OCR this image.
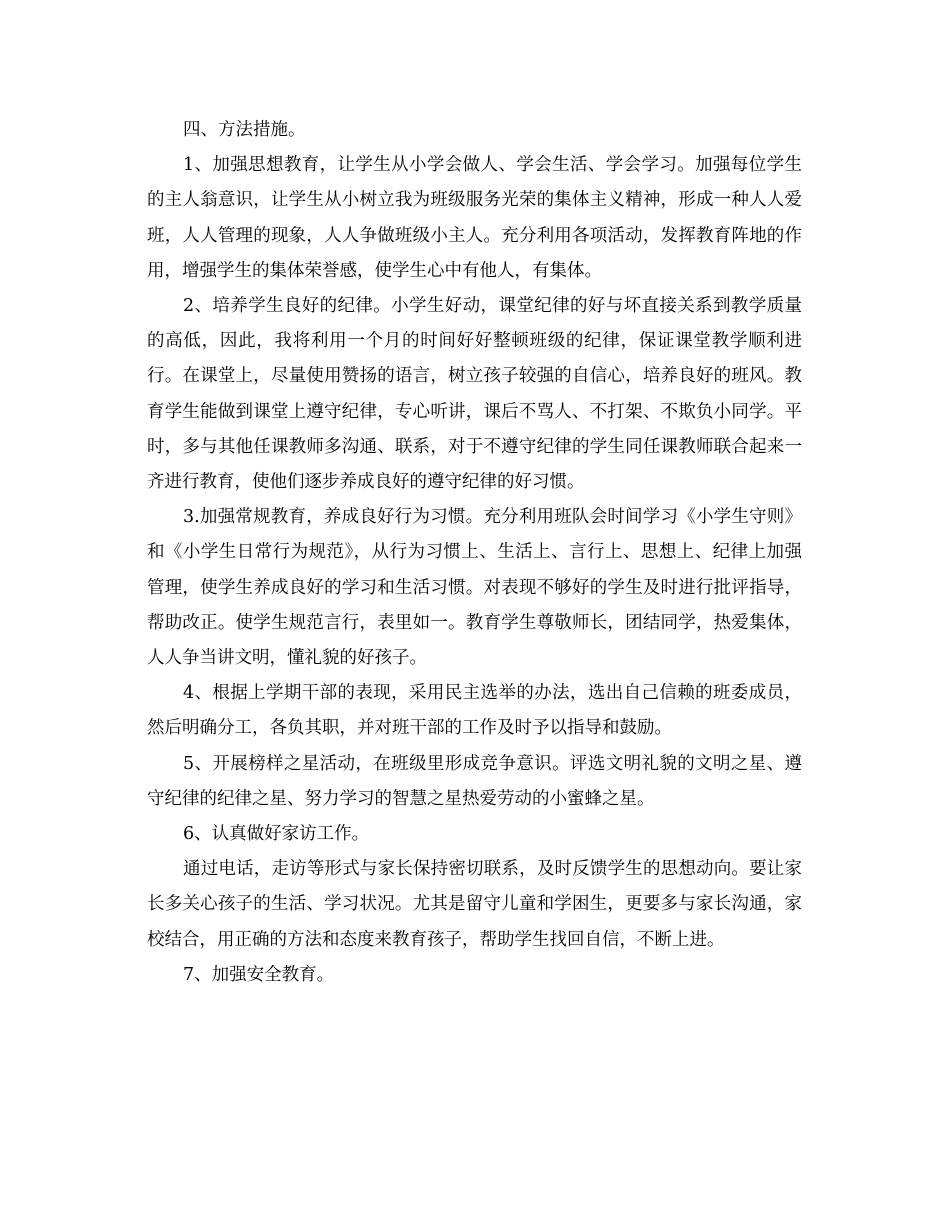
四、方法措施。

1、加强思想教育，让学生从小学会做人、学会生活、学会学习。加强每位学生的主人翁意识，让学生从小树立我为班级服务光荣的集体主义精神，形成一种人人爱班，人人管理的现象，人人争做班级小主人。充分利用各项活动，发挥教育阵地的作用，增强学生的集体荣誉感，使学生心中有他人，有集体。

2、培养学生良好的纪律。小学生好动，课堂纪律的好与坏直接关系到教学质量的高低，因此，我将利用一个月的时间好好整顿班级的纪律，保证课堂教学顺利进行。在课堂上，尽量使用赞扬的语言，树立孩子较强的自信心，培养良好的班风。教育学生能做到课堂上遵守纪律，专心听讲，课后不骂人、不打架、不欺负小同学。平时，多与其他任课教师多沟通、联系，对于不遵守纪律的学生同任课教师联合起来一齐进行教育，使他们逐步养成良好的遵守纪律的好习惯。

3.加强常规教育，养成良好行为习惯。充分利用班队会时间学习《小学生守则》和《小学生日常行为规范》，从行为习惯上、生活上、言行上、思想上、纪律上加强管理，使学生养成良好的学习和生活习惯。对表现不够好的学生及时进行批评指导，帮助改正。使学生规范言行，表里如一。教育学生尊敬师长，团结同学，热爱集体，人人争当讲文明，懂礼貌的好孩子。

4、根据上学期干部的表现，采用民主选举的办法，选出自己信赖的班委成员，然后明确分工，各负其职，并对班干部的工作及时予以指导和鼓励。

5、开展榜样之星活动，在班级里形成竞争意识。评选文明礼貌的文明之星、遵守纪律的纪律之星、努力学习的智慧之星热爱劳动的小蜜蜂之星。

6、认真做好家访工作。

通过电话，走访等形式与家长保持密切联系，及时反馈学生的思想动向。要让家长多关心孩子的生活、学习状况。尤其是留守儿童和学困生，更要多与家长沟通，家校结合，用正确的方法和态度来教育孩子，帮助学生找回自信，不断上进。

7、加强安全教育。
